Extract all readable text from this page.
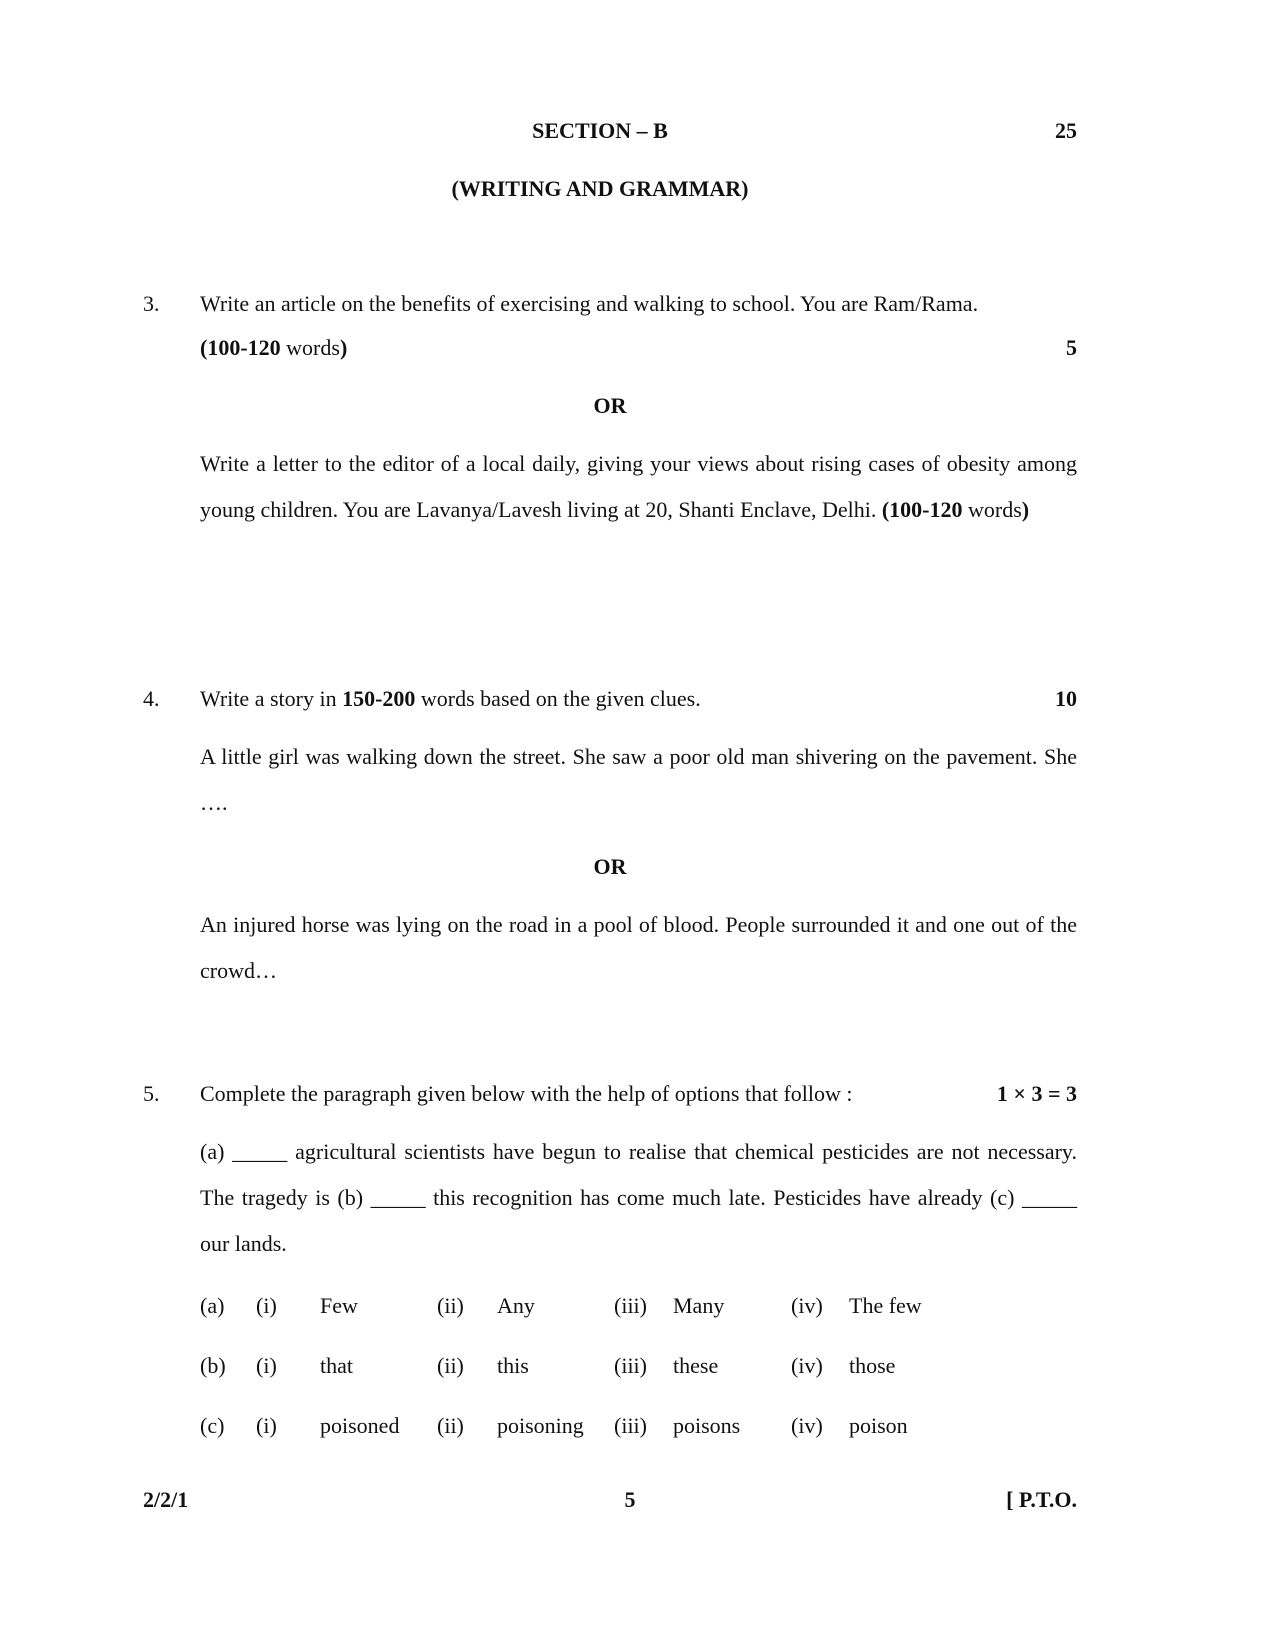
SECTION – B	25
(WRITING AND GRAMMAR)
3. Write an article on the benefits of exercising and walking to school. You are Ram/Rama.
(100-120 words)	5
OR
Write a letter to the editor of a local daily, giving your views about rising cases of obesity among young children. You are Lavanya/Lavesh living at 20, Shanti Enclave, Delhi. (100-120 words)
4. Write a story in 150-200 words based on the given clues.	10
A little girl was walking down the street. She saw a poor old man shivering on the pavement. She ….
OR
An injured horse was lying on the road in a pool of blood. People surrounded it and one out of the crowd…
5. Complete the paragraph given below with the help of options that follow :	1 × 3 = 3
(a) _____ agricultural scientists have begun to realise that chemical pesticides are not necessary. The tragedy is (b) _____ this recognition has come much late. Pesticides have already (c) _____ our lands.
(a) (i) Few	(ii) Any	(iii) Many	(iv) The few
(b) (i) that	(ii) this	(iii) these	(iv) those
(c) (i) poisoned (ii) poisoning (iii) poisons (iv) poison
2/2/1	5	[ P.T.O.
